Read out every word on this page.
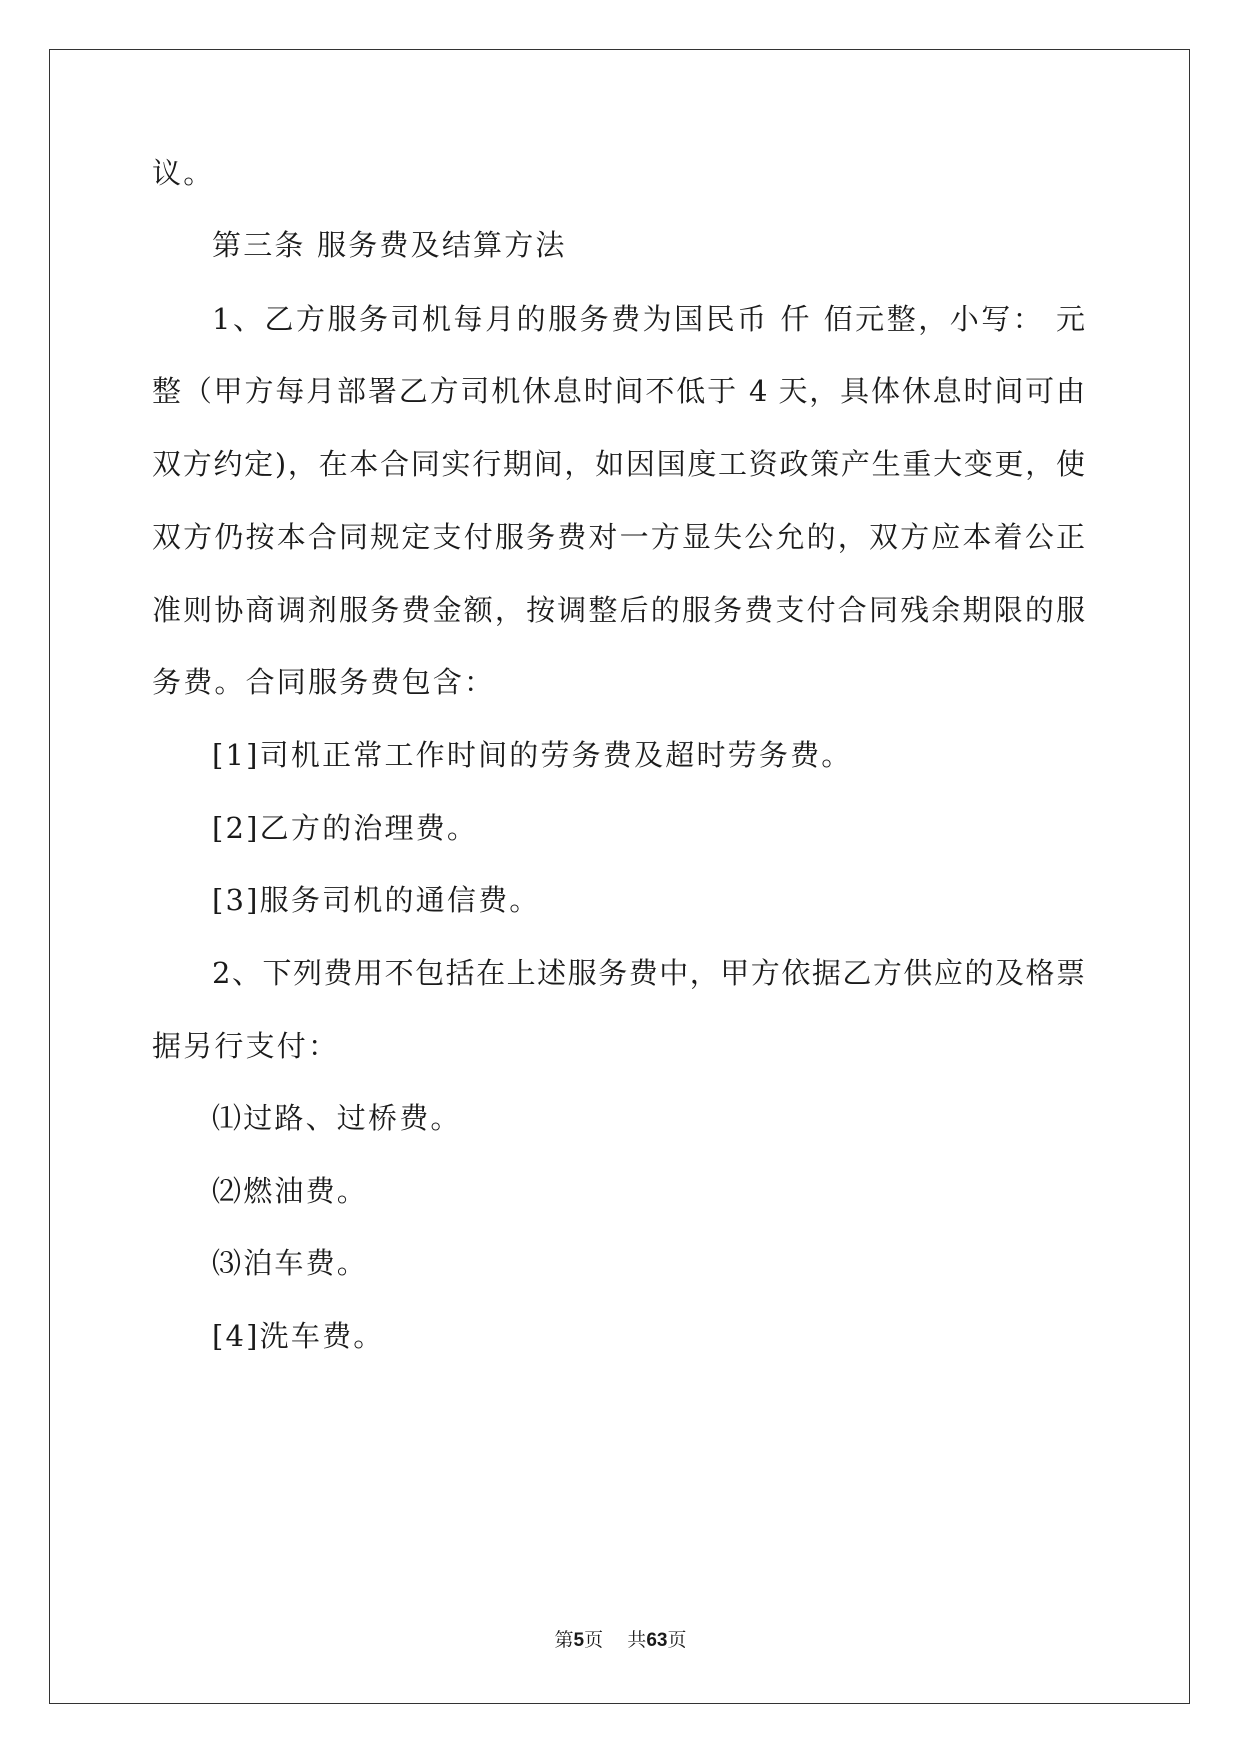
议。
第三条 服务费及结算方法
1、乙方服务司机每月的服务费为国民币 仟 佰元整，小写： 元
整（甲方每月部署乙方司机休息时间不低于 4 天，具体休息时间可由
双方约定)，在本合同实行期间，如因国度工资政策产生重大变更，使
双方仍按本合同规定支付服务费对一方显失公允的，双方应本着公正
准则协商调剂服务费金额，按调整后的服务费支付合同残余期限的服
务费。合同服务费包含：
[1]司机正常工作时间的劳务费及超时劳务费。
[2]乙方的治理费。
[3]服务司机的通信费。
2、下列费用不包括在上述服务费中，甲方依据乙方供应的及格票
据另行支付：
⑴过路、过桥费。
⑵燃油费。
⑶泊车费。
[4]洗车费。
第5页 共63页
